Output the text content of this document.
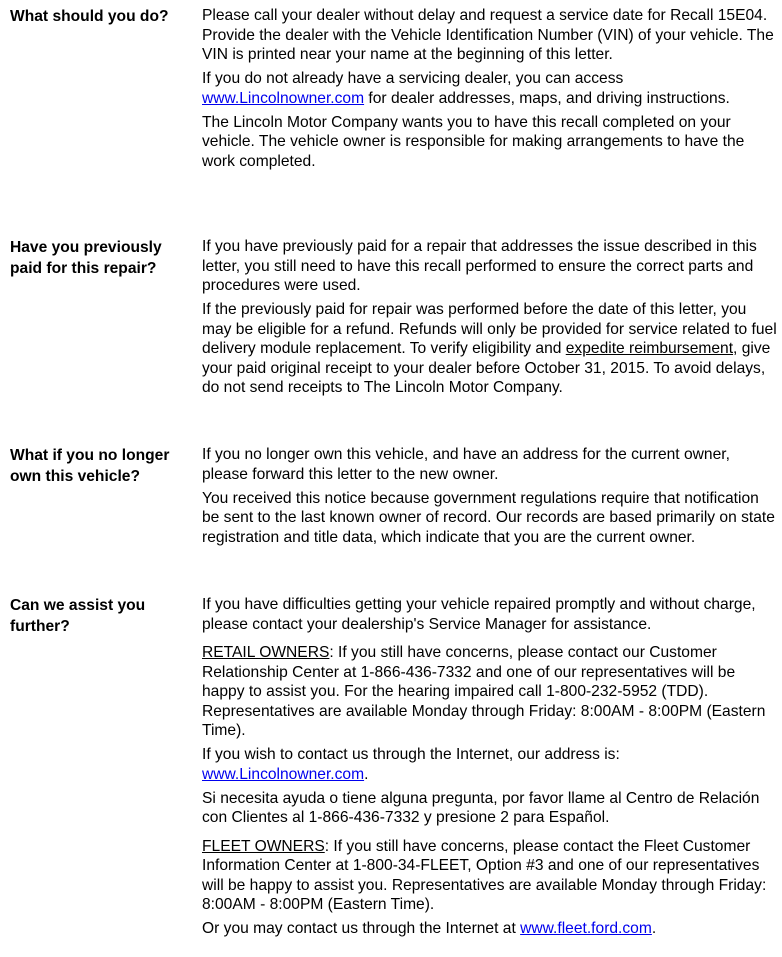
What should you do?	Please call your dealer without delay and request a service date for Recall 15E04. Provide the dealer with the Vehicle Identification Number (VIN) of your vehicle. The VIN is printed near your name at the beginning of this letter.

If you do not already have a servicing dealer, you can access www.Lincolnowner.com for dealer addresses, maps, and driving instructions.

The Lincoln Motor Company wants you to have this recall completed on your vehicle. The vehicle owner is responsible for making arrangements to have the work completed.

Have you previously paid for this repair?

If you have previously paid for a repair that addresses the issue described in this letter, you still need to have this recall performed to ensure the correct parts and procedures were used.

If the previously paid for repair was performed before the date of this letter, you may be eligible for a refund. Refunds will only be provided for service related to fuel delivery module replacement. To verify eligibility and expedite reimbursement, give your paid original receipt to your dealer before October 31, 2015. To avoid delays, do not send receipts to The Lincoln Motor Company.

What if you no longer own this vehicle?

If you no longer own this vehicle, and have an address for the current owner, please forward this letter to the new owner.

You received this notice because government regulations require that notification be sent to the last known owner of record. Our records are based primarily on state registration and title data, which indicate that you are the current owner.

Can we assist you further?

If you have difficulties getting your vehicle repaired promptly and without charge, please contact your dealership's Service Manager for assistance.

RETAIL OWNERS: If you still have concerns, please contact our Customer Relationship Center at 1-866-436-7332 and one of our representatives will be happy to assist you. For the hearing impaired call 1-800-232-5952 (TDD). Representatives are available Monday through Friday: 8:00AM - 8:00PM (Eastern Time).

If you wish to contact us through the Internet, our address is: www.Lincolnowner.com.

Si necesita ayuda o tiene alguna pregunta, por favor llame al Centro de Relación con Clientes al 1-866-436-7332 y presione 2 para Español.

FLEET OWNERS: If you still have concerns, please contact the Fleet Customer Information Center at 1-800-34-FLEET, Option #3 and one of our representatives will be happy to assist you. Representatives are available Monday through Friday: 8:00AM - 8:00PM (Eastern Time).

Or you may contact us through the Internet at www.fleet.ford.com.
